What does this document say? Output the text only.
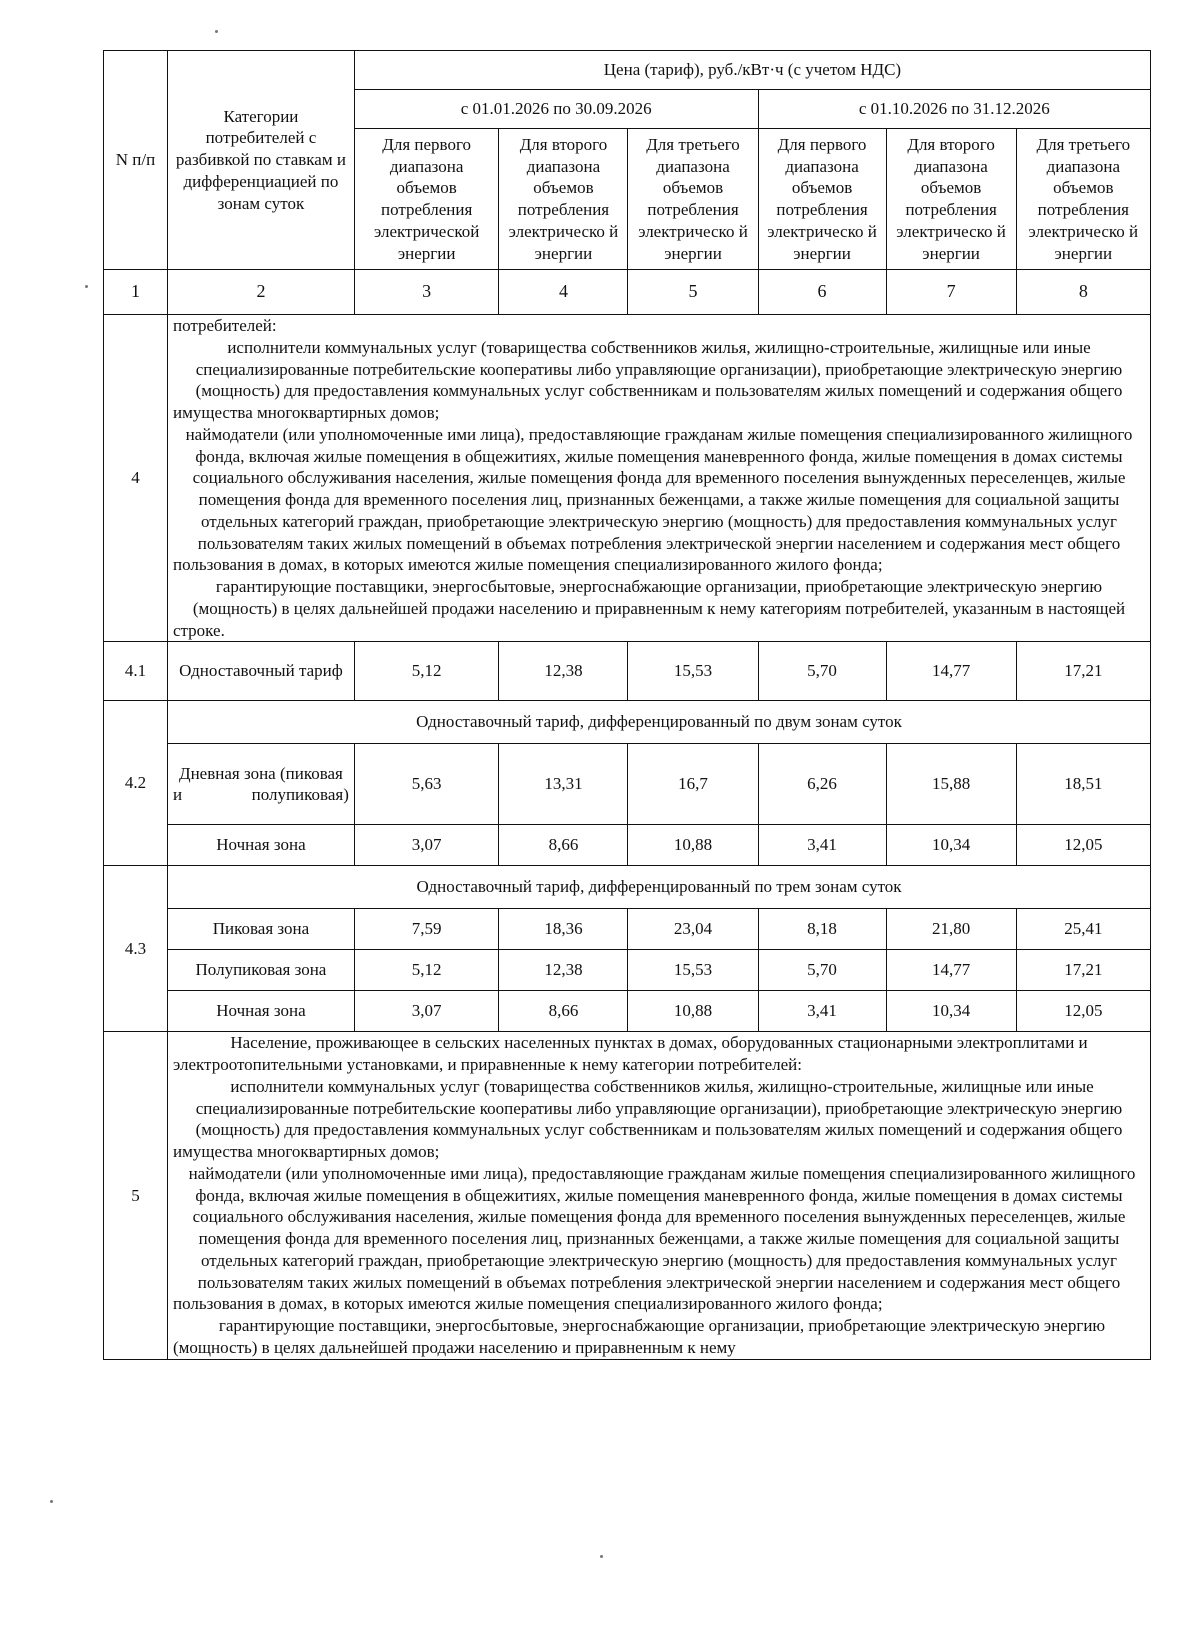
N п/п	Категории потребителей с разбивкой по ставкам и дифференциацией по зонам суток	Цена (тариф), руб./кВт·ч (с учетом НДС)					
		с 01.01.2026 по 30.09.2026			с 01.10.2026 по 31.12.2026		
		Для первого диапазона объемов потребления электрической энергии	Для второго диапазона объемов потребления электрическо й энергии	Для третьего диапазона объемов потребления электрическо й энергии	Для первого диапазона объемов потребления электрическо й энергии	Для второго диапазона объемов потребления электрическо й энергии	Для третьего диапазона объемов потребления электрическо й энергии
1	2	3	4	5	6	7	8
4	потребителей:

исполнители коммунальных услуг (товарищества собственников жилья, жилищно-строительные, жилищные или иные специализированные потребительские кооперативы либо управляющие организации), приобретающие электрическую энергию (мощность) для предоставления коммунальных услуг собственникам и пользователям жилых помещений и содержания общего имущества многоквартирных домов;

наймодатели (или уполномоченные ими лица), предоставляющие гражданам жилые помещения специализированного жилищного фонда, включая жилые помещения в общежитиях, жилые помещения маневренного фонда, жилые помещения в домах системы социального обслуживания населения, жилые помещения фонда для временного поселения вынужденных переселенцев, жилые помещения фонда для временного поселения лиц, признанных беженцами, а также жилые помещения для социальной защиты отдельных категорий граждан, приобретающие электрическую энергию (мощность) для предоставления коммунальных услуг пользователям таких жилых помещений в объемах потребления электрической энергии населением и содержания мест общего пользования в домах, в которых имеются жилые помещения специализированного жилого фонда;

гарантирующие поставщики, энергосбытовые, энергоснабжающие организации, приобретающие электрическую энергию (мощность) в целях дальнейшей продажи населению и приравненным к нему категориям потребителей, указанным в настоящей строке.						

4.1	Одноставочный тариф	5,12	12,38	15,53	5,70	14,77	17,21
4.2	Одноставочный тариф, дифференцированный по двум зонам суток						
	Дневная зона (пиковая и полупиковая)	5,63	13,31	16,7	6,26	15,88	18,51
	Ночная зона	3,07	8,66	10,88	3,41	10,34	12,05
4.3	Одноставочный тариф, дифференцированный по трем зонам суток						
	Пиковая зона	7,59	18,36	23,04	8,18	21,80	25,41
	Полупиковая зона	5,12	12,38	15,53	5,70	14,77	17,21
	Ночная зона	3,07	8,66	10,88	3,41	10,34	12,05
5	Население, проживающее в сельских населенных пунктах в домах, оборудованных стационарными электроплитами и электроотопительными установками, и приравненные к нему категории потребителей:

исполнители коммунальных услуг (товарищества собственников жилья, жилищно-строительные, жилищные или иные специализированные потребительские кооперативы либо управляющие организации), приобретающие электрическую энергию (мощность) для предоставления коммунальных услуг собственникам и пользователям жилых помещений и содержания общего имущества многоквартирных домов;

наймодатели (или уполномоченные ими лица), предоставляющие гражданам жилые помещения специализированного жилищного фонда, включая жилые помещения в общежитиях, жилые помещения маневренного фонда, жилые помещения в домах системы социального обслуживания населения, жилые помещения фонда для временного поселения вынужденных переселенцев, жилые помещения фонда для временного поселения лиц, признанных беженцами, а также жилые помещения для социальной защиты отдельных категорий граждан, приобретающие электрическую энергию (мощность) для предоставления коммунальных услуг пользователям таких жилых помещений в объемах потребления электрической энергии населением и содержания мест общего пользования в домах, в которых имеются жилые помещения специализированного жилого фонда;

гарантирующие поставщики, энергосбытовые, энергоснабжающие организации, приобретающие электрическую энергию (мощность) в целях дальнейшей продажи населению и приравненным к нему						
